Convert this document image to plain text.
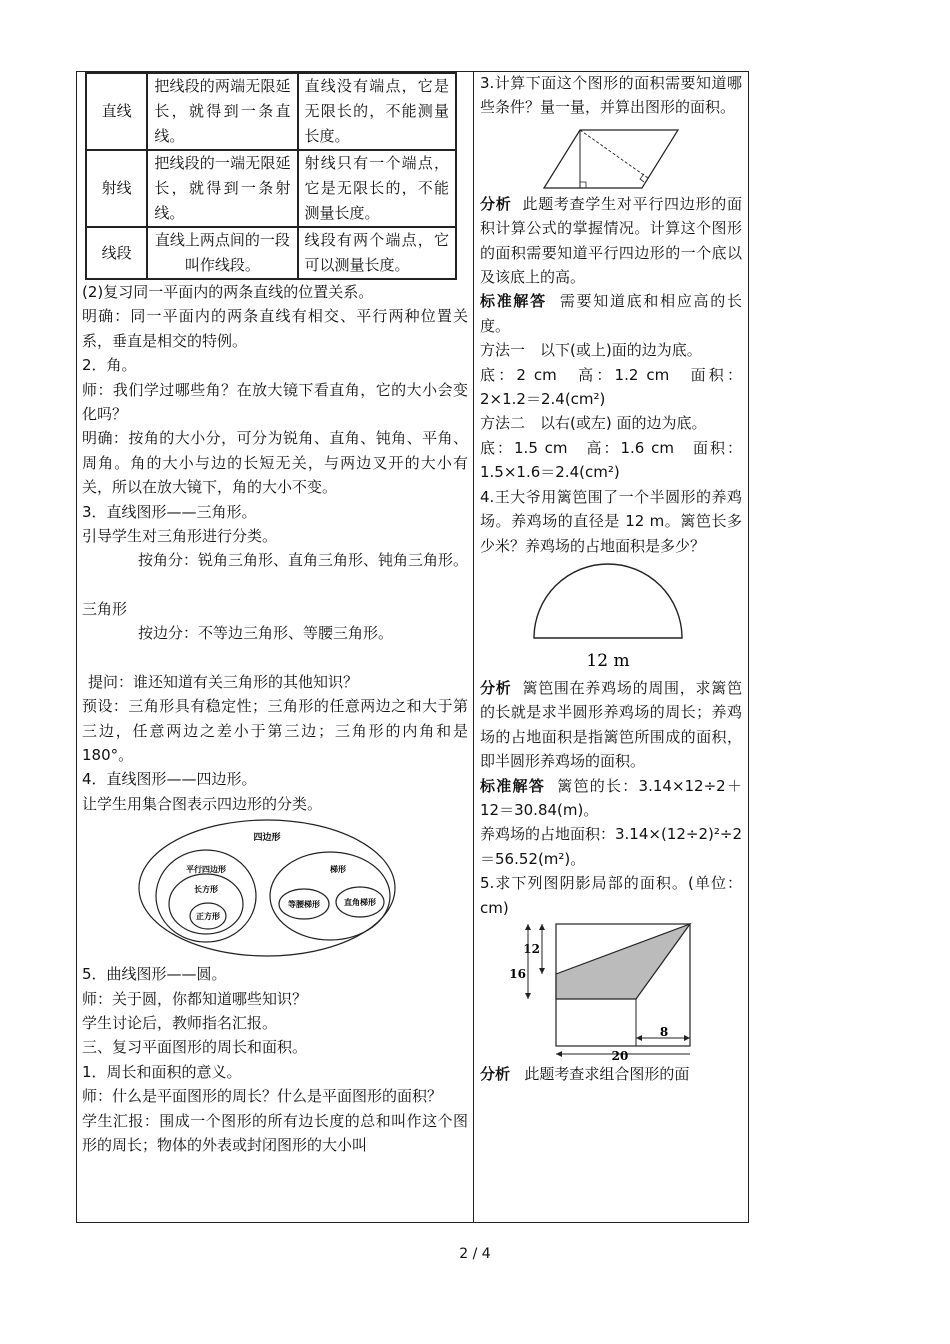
直线	把线段的两端无限延长，就得到一条直线。	直线没有端点，它是无限长的，不能测量长度。
射线	把线段的一端无限延长，就得到一条射线。	射线只有一个端点，它是无限长的，不能测量长度。
线段	直线上两点间的一段叫作线段。	线段有两个端点，它可以测量长度。

(2)复习同一平面内的两条直线的位置关系。

明确：同一平面内的两条直线有相交、平行两种位置关系，垂直是相交的特例。

2．角。

师：我们学过哪些角？在放大镜下看直角，它的大小会变化吗？

明确：按角的大小分，可分为锐角、直角、钝角、平角、周角。角的大小与边的长短无关，与两边叉开的大小有关，所以在放大镜下，角的大小不变。

3．直线图形——三角形。

引导学生对三角形进行分类。

按角分：锐角三角形、直角三角形、钝角三角形。

三角形

按边分：不等边三角形、等腰三角形。

提问：谁还知道有关三角形的其他知识？

预设：三角形具有稳定性；三角形的任意两边之和大于第三边，任意两边之差小于第三边；三角形的内角和是 180°。

4．直线图形——四边形。

让学生用集合图表示四边形的分类。

四边形
平行四边形
长方形
正方形
梯形
等腰梯形	直角梯形

5．曲线图形——圆。

师：关于圆，你都知道哪些知识？

学生讨论后，教师指名汇报。

三、复习平面图形的周长和面积。

1．周长和面积的意义。

师：什么是平面图形的周长？什么是平面图形的面积？

学生汇报：围成一个图形的所有边长度的总和叫作这个图形的周长；物体的外表或封闭图形的大小叫

3.计算下面这个图形的面积需要知道哪些条件？量一量，并算出图形的面积。

分析 此题考查学生对平行四边形的面积计算公式的掌握情况。计算这个图形的面积需要知道平行四边形的一个底以及该底上的高。

标准解答 需要知道底和相应高的长度。

方法一　以下(或上)面的边为底。

底：2 cm　高：1.2 cm　面积：2×1.2＝2.4(cm²)

方法二　以右(或左) 面的边为底。

底：1.5 cm　高：1.6 cm　面积：1.5×1.6＝2.4(cm²)

4.王大爷用篱笆围了一个半圆形的养鸡场。养鸡场的直径是 12 m。篱笆长多少米？养鸡场的占地面积是多少？

12 m

分析 篱笆围在养鸡场的周围，求篱笆的长就是求半圆形养鸡场的周长；养鸡场的占地面积是指篱笆所围成的面积，即半圆形养鸡场的面积。

标准解答 篱笆的长：3.14×12÷2＋12＝30.84(m)。

养鸡场的占地面积：3.14×(12÷2)²÷2＝56.52(m²)。

5.求下列图阴影局部的面积。(单位：cm)

12
16
20
8

分析 此题考查求组合图形的面

2 / 4
